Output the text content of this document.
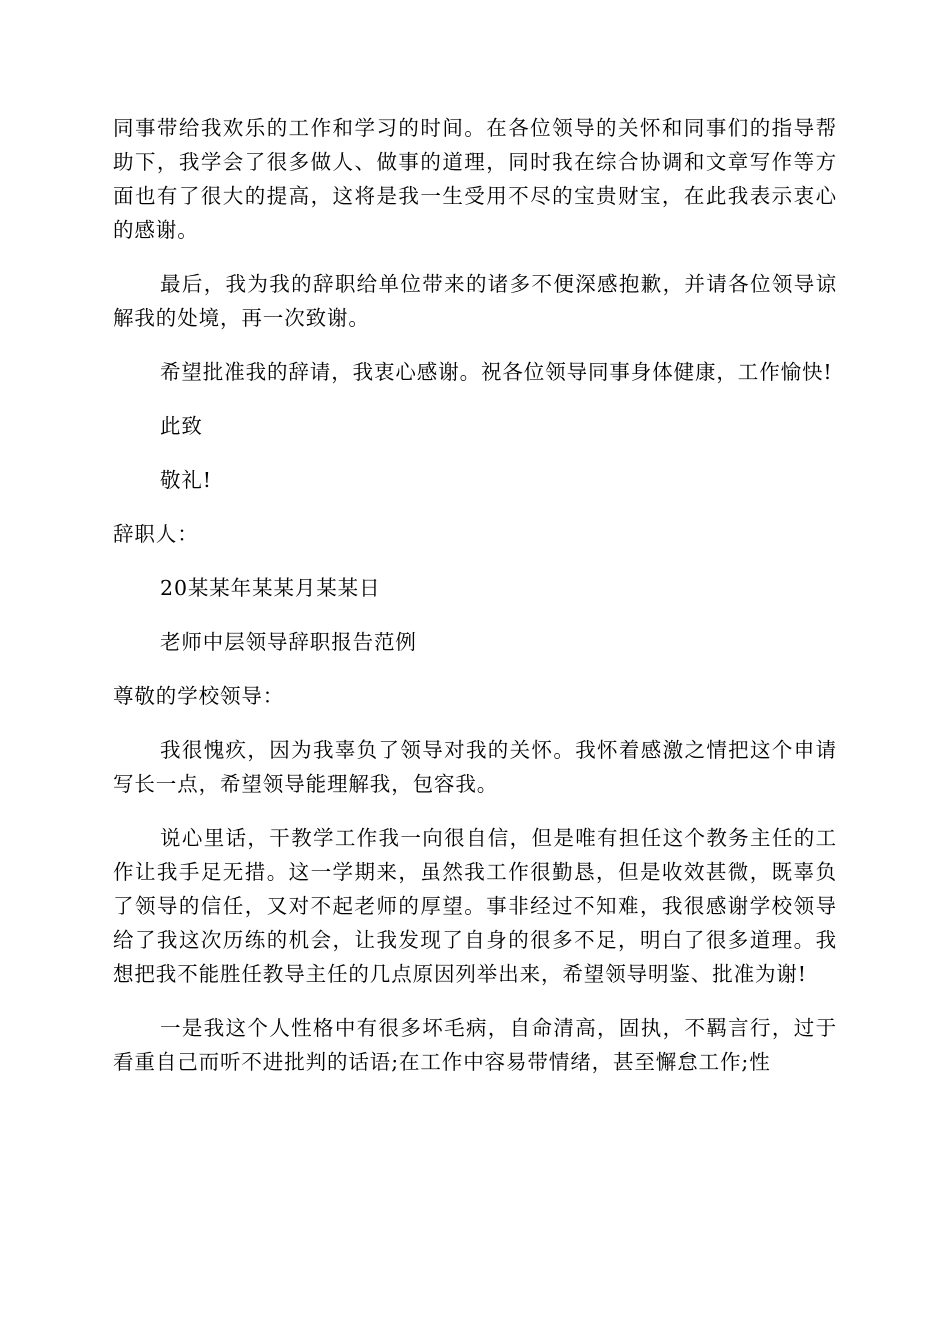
同事带给我欢乐的工作和学习的时间。在各位领导的关怀和同事们的指导帮助下，我学会了很多做人、做事的道理，同时我在综合协调和文章写作等方面也有了很大的提高，这将是我一生受用不尽的宝贵财宝，在此我表示衷心的感谢。

最后，我为我的辞职给单位带来的诸多不便深感抱歉，并请各位领导谅解我的处境，再一次致谢。

希望批准我的辞请，我衷心感谢。祝各位领导同事身体健康，工作愉快!

此致

敬礼!

辞职人：

20某某年某某月某某日

老师中层领导辞职报告范例

尊敬的学校领导：

我很愧疚，因为我辜负了领导对我的关怀。我怀着感激之情把这个申请写长一点，希望领导能理解我，包容我。

说心里话，干教学工作我一向很自信，但是唯有担任这个教务主任的工作让我手足无措。这一学期来，虽然我工作很勤恳，但是收效甚微，既辜负了领导的信任，又对不起老师的厚望。事非经过不知难，我很感谢学校领导给了我这次历练的机会，让我发现了自身的很多不足，明白了很多道理。我想把我不能胜任教导主任的几点原因列举出来，希望领导明鉴、批准为谢!

一是我这个人性格中有很多坏毛病，自命清高，固执，不羁言行，过于看重自己而听不进批判的话语;在工作中容易带情绪，甚至懈怠工作;性
